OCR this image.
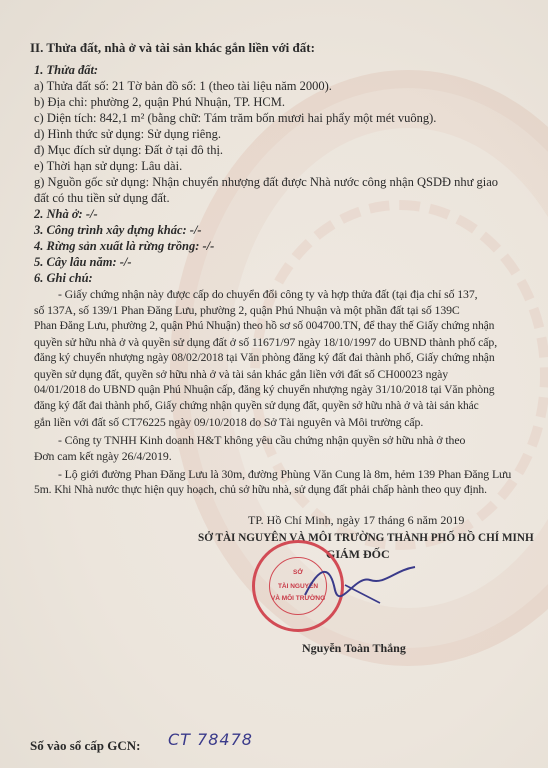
II. Thửa đất, nhà ở và tài sản khác gắn liền với đất:
1. Thửa đất:
a) Thửa đất số: 21 Tờ bản đồ số: 1 (theo tài liệu năm 2000).
b) Địa chỉ: phường 2, quận Phú Nhuận, TP. HCM.
c) Diện tích: 842,1 m² (bằng chữ: Tám trăm bốn mươi hai phẩy một mét vuông).
d) Hình thức sử dụng: Sử dụng riêng.
đ) Mục đích sử dụng: Đất ở tại đô thị.
e) Thời hạn sử dụng: Lâu dài.
g) Nguồn gốc sử dụng: Nhận chuyển nhượng đất được Nhà nước công nhận QSDĐ như giao
đất có thu tiền sử dụng đất.
2. Nhà ở: -/-
3. Công trình xây dựng khác: -/-
4. Rừng sản xuất là rừng trồng: -/-
5. Cây lâu năm: -/-
6. Ghi chú:
- Giấy chứng nhận này được cấp do chuyển đổi công ty và hợp thửa đất (tại địa chỉ số 137,
số 137A, số 139/1 Phan Đăng Lưu, phường 2, quận Phú Nhuận và một phần đất tại số 139C
Phan Đăng Lưu, phường 2, quận Phú Nhuận) theo hồ sơ số 004700.TN, để thay thế Giấy chứng nhận
quyền sử hữu nhà ở và quyền sử dụng đất ở số 11671/97 ngày 18/10/1997 do UBND thành phố cấp,
đăng ký chuyển nhượng ngày 08/02/2018 tại Văn phòng đăng ký đất đai thành phố, Giấy chứng nhận
quyền sử dụng đất, quyền sở hữu nhà ở và tài sản khác gắn liền với đất số CH00023 ngày
04/01/2018 do UBND quận Phú Nhuận cấp, đăng ký chuyển nhượng ngày 31/10/2018 tại Văn phòng
đăng ký đất đai thành phố, Giấy chứng nhận quyền sử dụng đất, quyền sở hữu nhà ở và tài sản khác
gắn liền với đất số CT76225 ngày 09/10/2018 do Sở Tài nguyên và Môi trường cấp.
- Công ty TNHH Kinh doanh H&T không yêu cầu chứng nhận quyền sở hữu nhà ở theo
Đơn cam kết ngày 26/4/2019.
- Lộ giới đường Phan Đăng Lưu là 30m, đường Phùng Văn Cung là 8m, hẻm 139 Phan Đăng Lưu
5m. Khi Nhà nước thực hiện quy hoạch, chủ sở hữu nhà, sử dụng đất phải chấp hành theo quy định.
TP. Hồ Chí Minh, ngày 17 tháng 6 năm 2019
SỞ TÀI NGUYÊN VÀ MÔI TRƯỜNG THÀNH PHỐ HỒ CHÍ MINH
GIÁM ĐỐC
SỞ
TÀI NGUYÊN
VÀ MÔI TRƯỜNG
Nguyễn Toàn Thắng
Số vào sổ cấp GCN: CT 78478
